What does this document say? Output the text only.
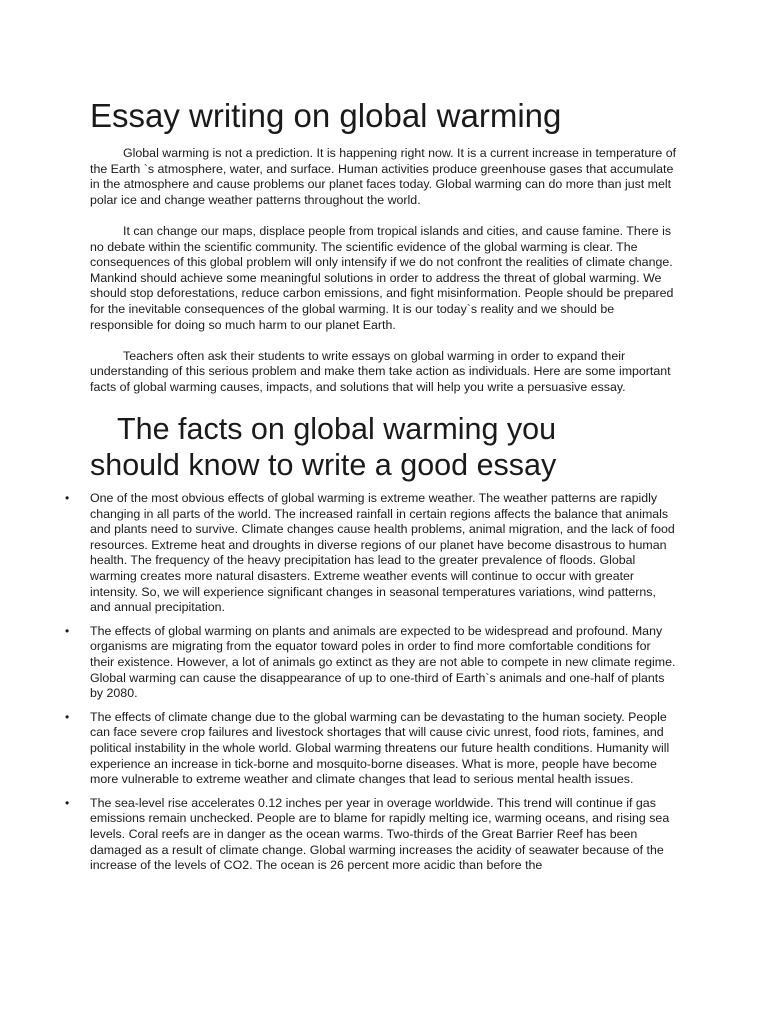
Essay writing on global warming

Global warming is not a prediction. It is happening right now. It is a current increase in temperature of the Earth `s atmosphere, water, and surface. Human activities produce greenhouse gases that accumulate in the atmosphere and cause problems our planet faces today. Global warming can do more than just melt polar ice and change weather patterns throughout the world.

It can change our maps, displace people from tropical islands and cities, and cause famine. There is no debate within the scientific community. The scientific evidence of the global warming is clear. The consequences of this global problem will only intensify if we do not confront the realities of climate change. Mankind should achieve some meaningful solutions in order to address the threat of global warming. We should stop deforestations, reduce carbon emissions, and fight misinformation. People should be prepared for the inevitable consequences of the global warming. It is our today`s reality and we should be responsible for doing so much harm to our planet Earth.

Teachers often ask their students to write essays on global warming in order to expand their understanding of this serious problem and make them take action as individuals. Here are some important facts of global warming causes, impacts, and solutions that will help you write a persuasive essay.

The facts on global warming you
should know to write a good essay
• One of the most obvious effects of global warming is extreme weather. The weather patterns are rapidly changing in all parts of the world. The increased rainfall in certain regions affects the balance that animals and plants need to survive. Climate changes cause health problems, animal migration, and the lack of food resources. Extreme heat and droughts in diverse regions of our planet have become disastrous to human health. The frequency of the heavy precipitation has lead to the greater prevalence of floods. Global warming creates more natural disasters. Extreme weather events will continue to occur with greater intensity. So, we will experience significant changes in seasonal temperatures variations, wind patterns, and annual precipitation.
• The effects of global warming on plants and animals are expected to be widespread and profound. Many organisms are migrating from the equator toward poles in order to find more comfortable conditions for their existence. However, a lot of animals go extinct as they are not able to compete in new climate regime. Global warming can cause the disappearance of up to one-third of Earth`s animals and one-half of plants by 2080.
• The effects of climate change due to the global warming can be devastating to the human society. People can face severe crop failures and livestock shortages that will cause civic unrest, food riots, famines, and political instability in the whole world. Global warming threatens our future health conditions. Humanity will experience an increase in tick-borne and mosquito-borne diseases. What is more, people have become more vulnerable to extreme weather and climate changes that lead to serious mental health issues.
• The sea-level rise accelerates 0.12 inches per year in overage worldwide. This trend will continue if gas emissions remain unchecked. People are to blame for rapidly melting ice, warming oceans, and rising sea levels. Coral reefs are in danger as the ocean warms. Two-thirds of the Great Barrier Reef has been damaged as a result of climate change. Global warming increases the acidity of seawater because of the increase of the levels of CO2. The ocean is 26 percent more acidic than before the
